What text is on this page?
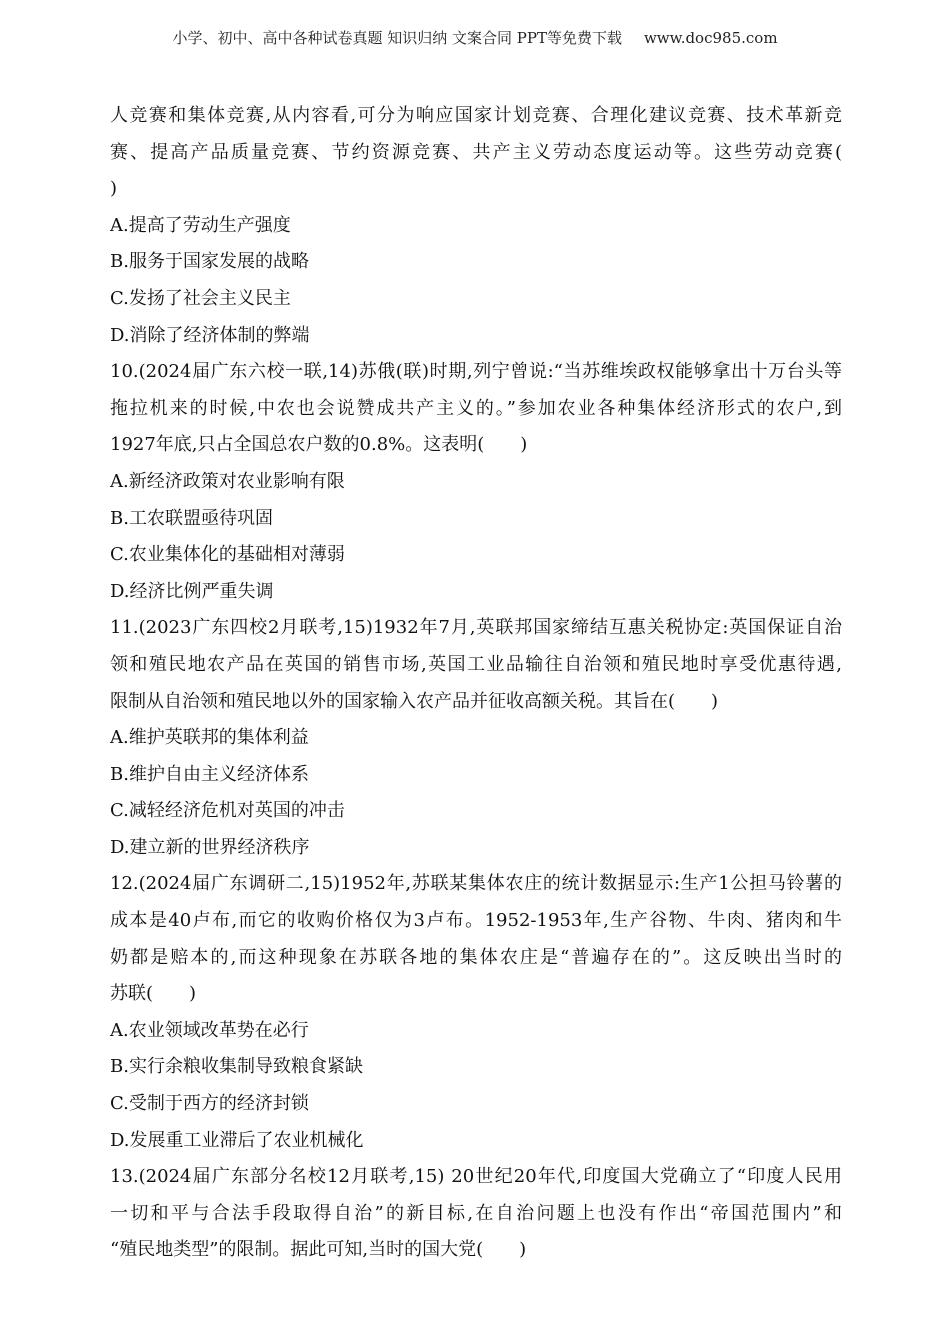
小学、初中、高中各种试卷真题 知识归纳 文案合同 PPT等免费下载 www.doc985.com
人竞赛和集体竞赛,从内容看,可分为响应国家计划竞赛、合理化建议竞赛、技术革新竞
赛、提高产品质量竞赛、节约资源竞赛、共产主义劳动态度运动等。这些劳动竞赛(
)
A.提高了劳动生产强度
B.服务于国家发展的战略
C.发扬了社会主义民主
D.消除了经济体制的弊端
10.(2024届广东六校一联,14)苏俄(联)时期,列宁曾说:“当苏维埃政权能够拿出十万台头等
拖拉机来的时候,中农也会说赞成共产主义的。”参加农业各种集体经济形式的农户,到
1927年底,只占全国总农户数的0.8%。这表明(　　)
A.新经济政策对农业影响有限
B.工农联盟亟待巩固
C.农业集体化的基础相对薄弱
D.经济比例严重失调
11.(2023广东四校2月联考,15)1932年7月,英联邦国家缔结互惠关税协定:英国保证自治
领和殖民地农产品在英国的销售市场,英国工业品输往自治领和殖民地时享受优惠待遇,
限制从自治领和殖民地以外的国家输入农产品并征收高额关税。其旨在(　　)
A.维护英联邦的集体利益
B.维护自由主义经济体系
C.减轻经济危机对英国的冲击
D.建立新的世界经济秩序
12.(2024届广东调研二,15)1952年,苏联某集体农庄的统计数据显示:生产1公担马铃薯的
成本是40卢布,而它的收购价格仅为3卢布。1952-1953年,生产谷物、牛肉、猪肉和牛
奶都是赔本的,而这种现象在苏联各地的集体农庄是“普遍存在的”。这反映出当时的
苏联(　　)
A.农业领域改革势在必行
B.实行余粮收集制导致粮食紧缺
C.受制于西方的经济封锁
D.发展重工业滞后了农业机械化
13.(2024届广东部分名校12月联考,15) 20世纪20年代,印度国大党确立了“印度人民用
一切和平与合法手段取得自治”的新目标,在自治问题上也没有作出“帝国范围内”和
“殖民地类型”的限制。据此可知,当时的国大党(　　)
